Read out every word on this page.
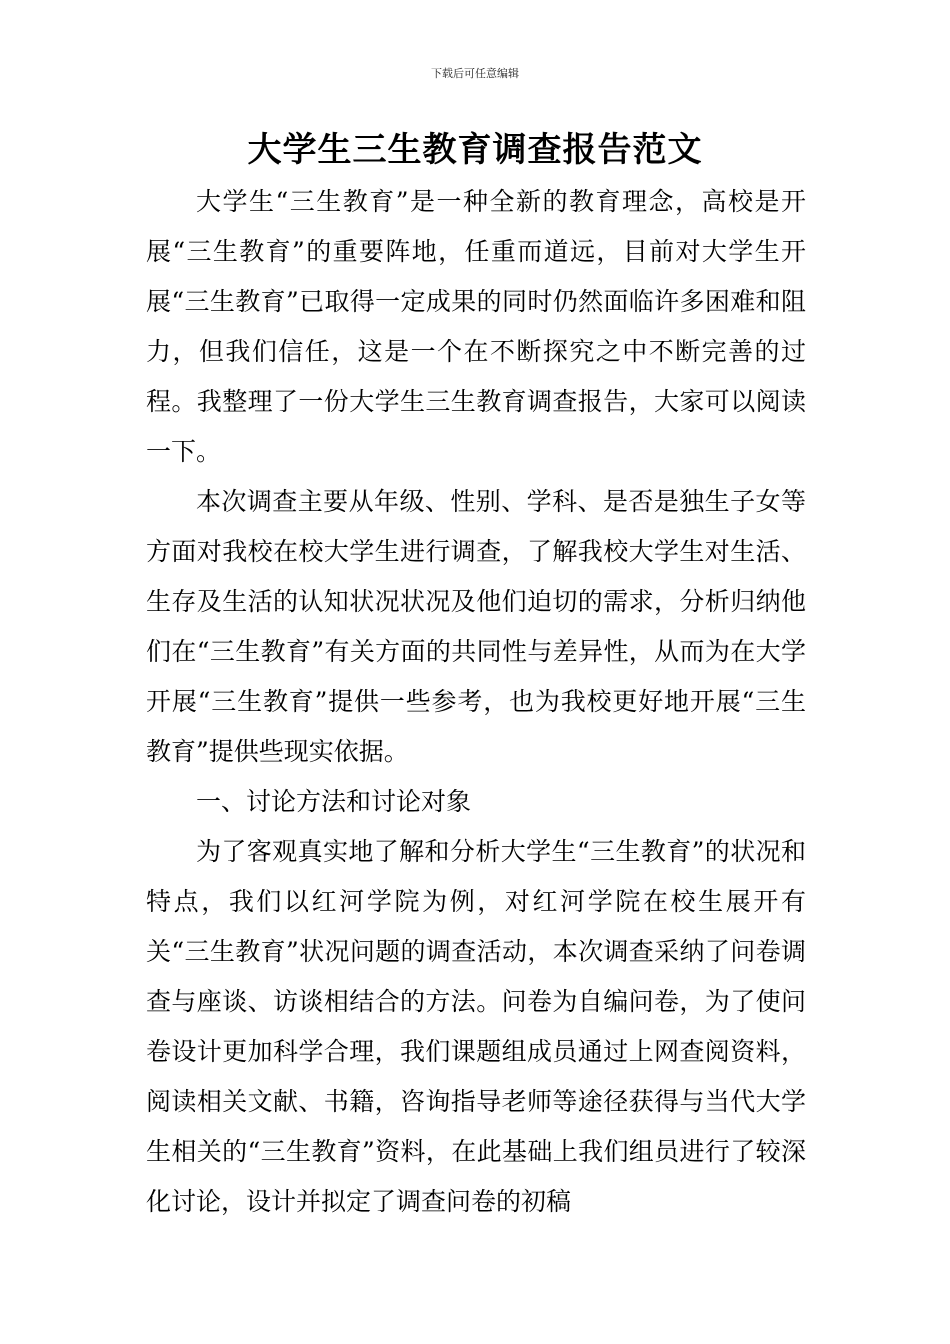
下载后可任意编辑
大学生三生教育调查报告范文

大学生“三生教育”是一种全新的教育理念，高校是开展“三生教育”的重要阵地，任重而道远，目前对大学生开展“三生教育”已取得一定成果的同时仍然面临许多困难和阻力，但我们信任，这是一个在不断探究之中不断完善的过程。我整理了一份大学生三生教育调查报告，大家可以阅读一下。

本次调查主要从年级、性别、学科、是否是独生子女等方面对我校在校大学生进行调查，了解我校大学生对生活、生存及生活的认知状况状况及他们迫切的需求，分析归纳他们在“三生教育”有关方面的共同性与差异性，从而为在大学开展“三生教育”提供一些参考，也为我校更好地开展“三生教育”提供些现实依据。

一、讨论方法和讨论对象

为了客观真实地了解和分析大学生“三生教育”的状况和特点，我们以红河学院为例，对红河学院在校生展开有关“三生教育”状况问题的调查活动，本次调查采纳了问卷调查与座谈、访谈相结合的方法。问卷为自编问卷，为了使问卷设计更加科学合理，我们课题组成员通过上网查阅资料，阅读相关文献、书籍，咨询指导老师等途径获得与当代大学生相关的“三生教育”资料，在此基础上我们组员进行了较深化讨论，设计并拟定了调查问卷的初稿
